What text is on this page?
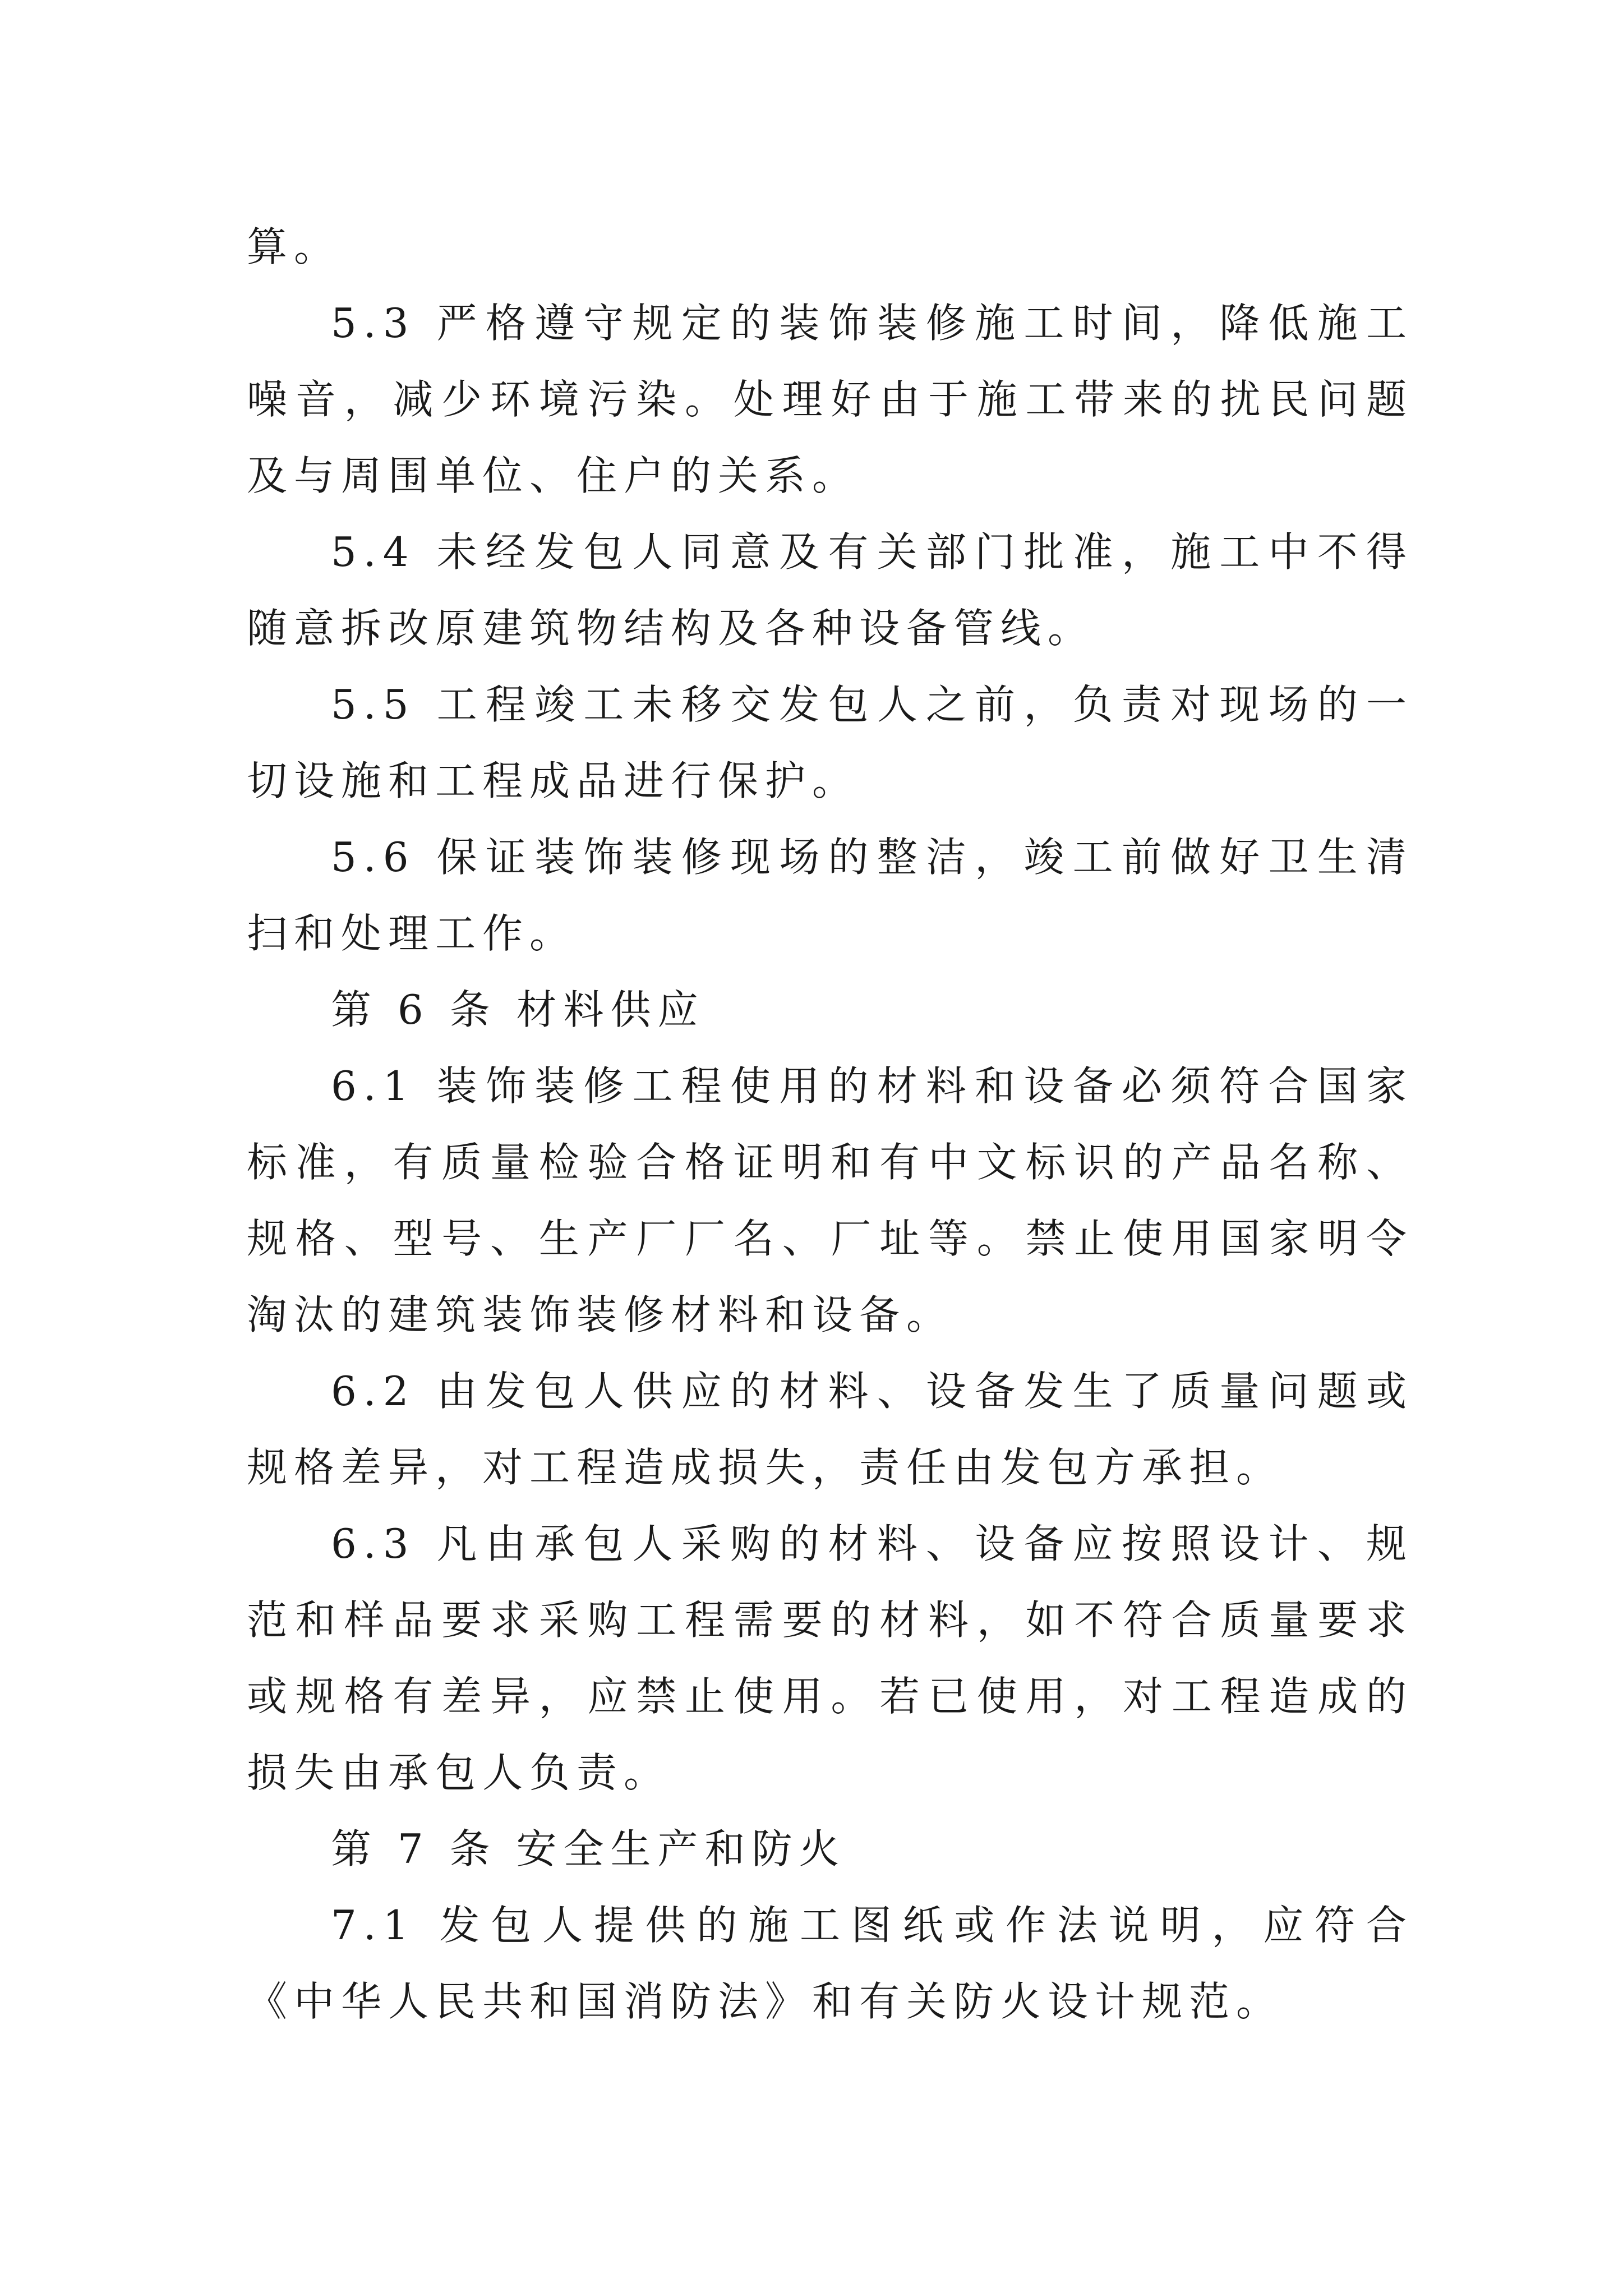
算。

5.3 严格遵守规定的装饰装修施工时间，降低施工噪音，减少环境污染。处理好由于施工带来的扰民问题及与周围单位、住户的关系。

5.4 未经发包人同意及有关部门批准，施工中不得随意拆改原建筑物结构及各种设备管线。

5.5 工程竣工未移交发包人之前，负责对现场的一切设施和工程成品进行保护。

5.6 保证装饰装修现场的整洁，竣工前做好卫生清扫和处理工作。

第 6 条 材料供应

6.1 装饰装修工程使用的材料和设备必须符合国家标准，有质量检验合格证明和有中文标识的产品名称、规格、型号、生产厂厂名、厂址等。禁止使用国家明令淘汰的建筑装饰装修材料和设备。

6.2 由发包人供应的材料、设备发生了质量问题或规格差异，对工程造成损失，责任由发包方承担。

6.3 凡由承包人采购的材料、设备应按照设计、规范和样品要求采购工程需要的材料，如不符合质量要求或规格有差异，应禁止使用。若已使用，对工程造成的损失由承包人负责。

第 7 条 安全生产和防火

7.1 发包人提供的施工图纸或作法说明，应符合《中华人民共和国消防法》和有关防火设计规范。
